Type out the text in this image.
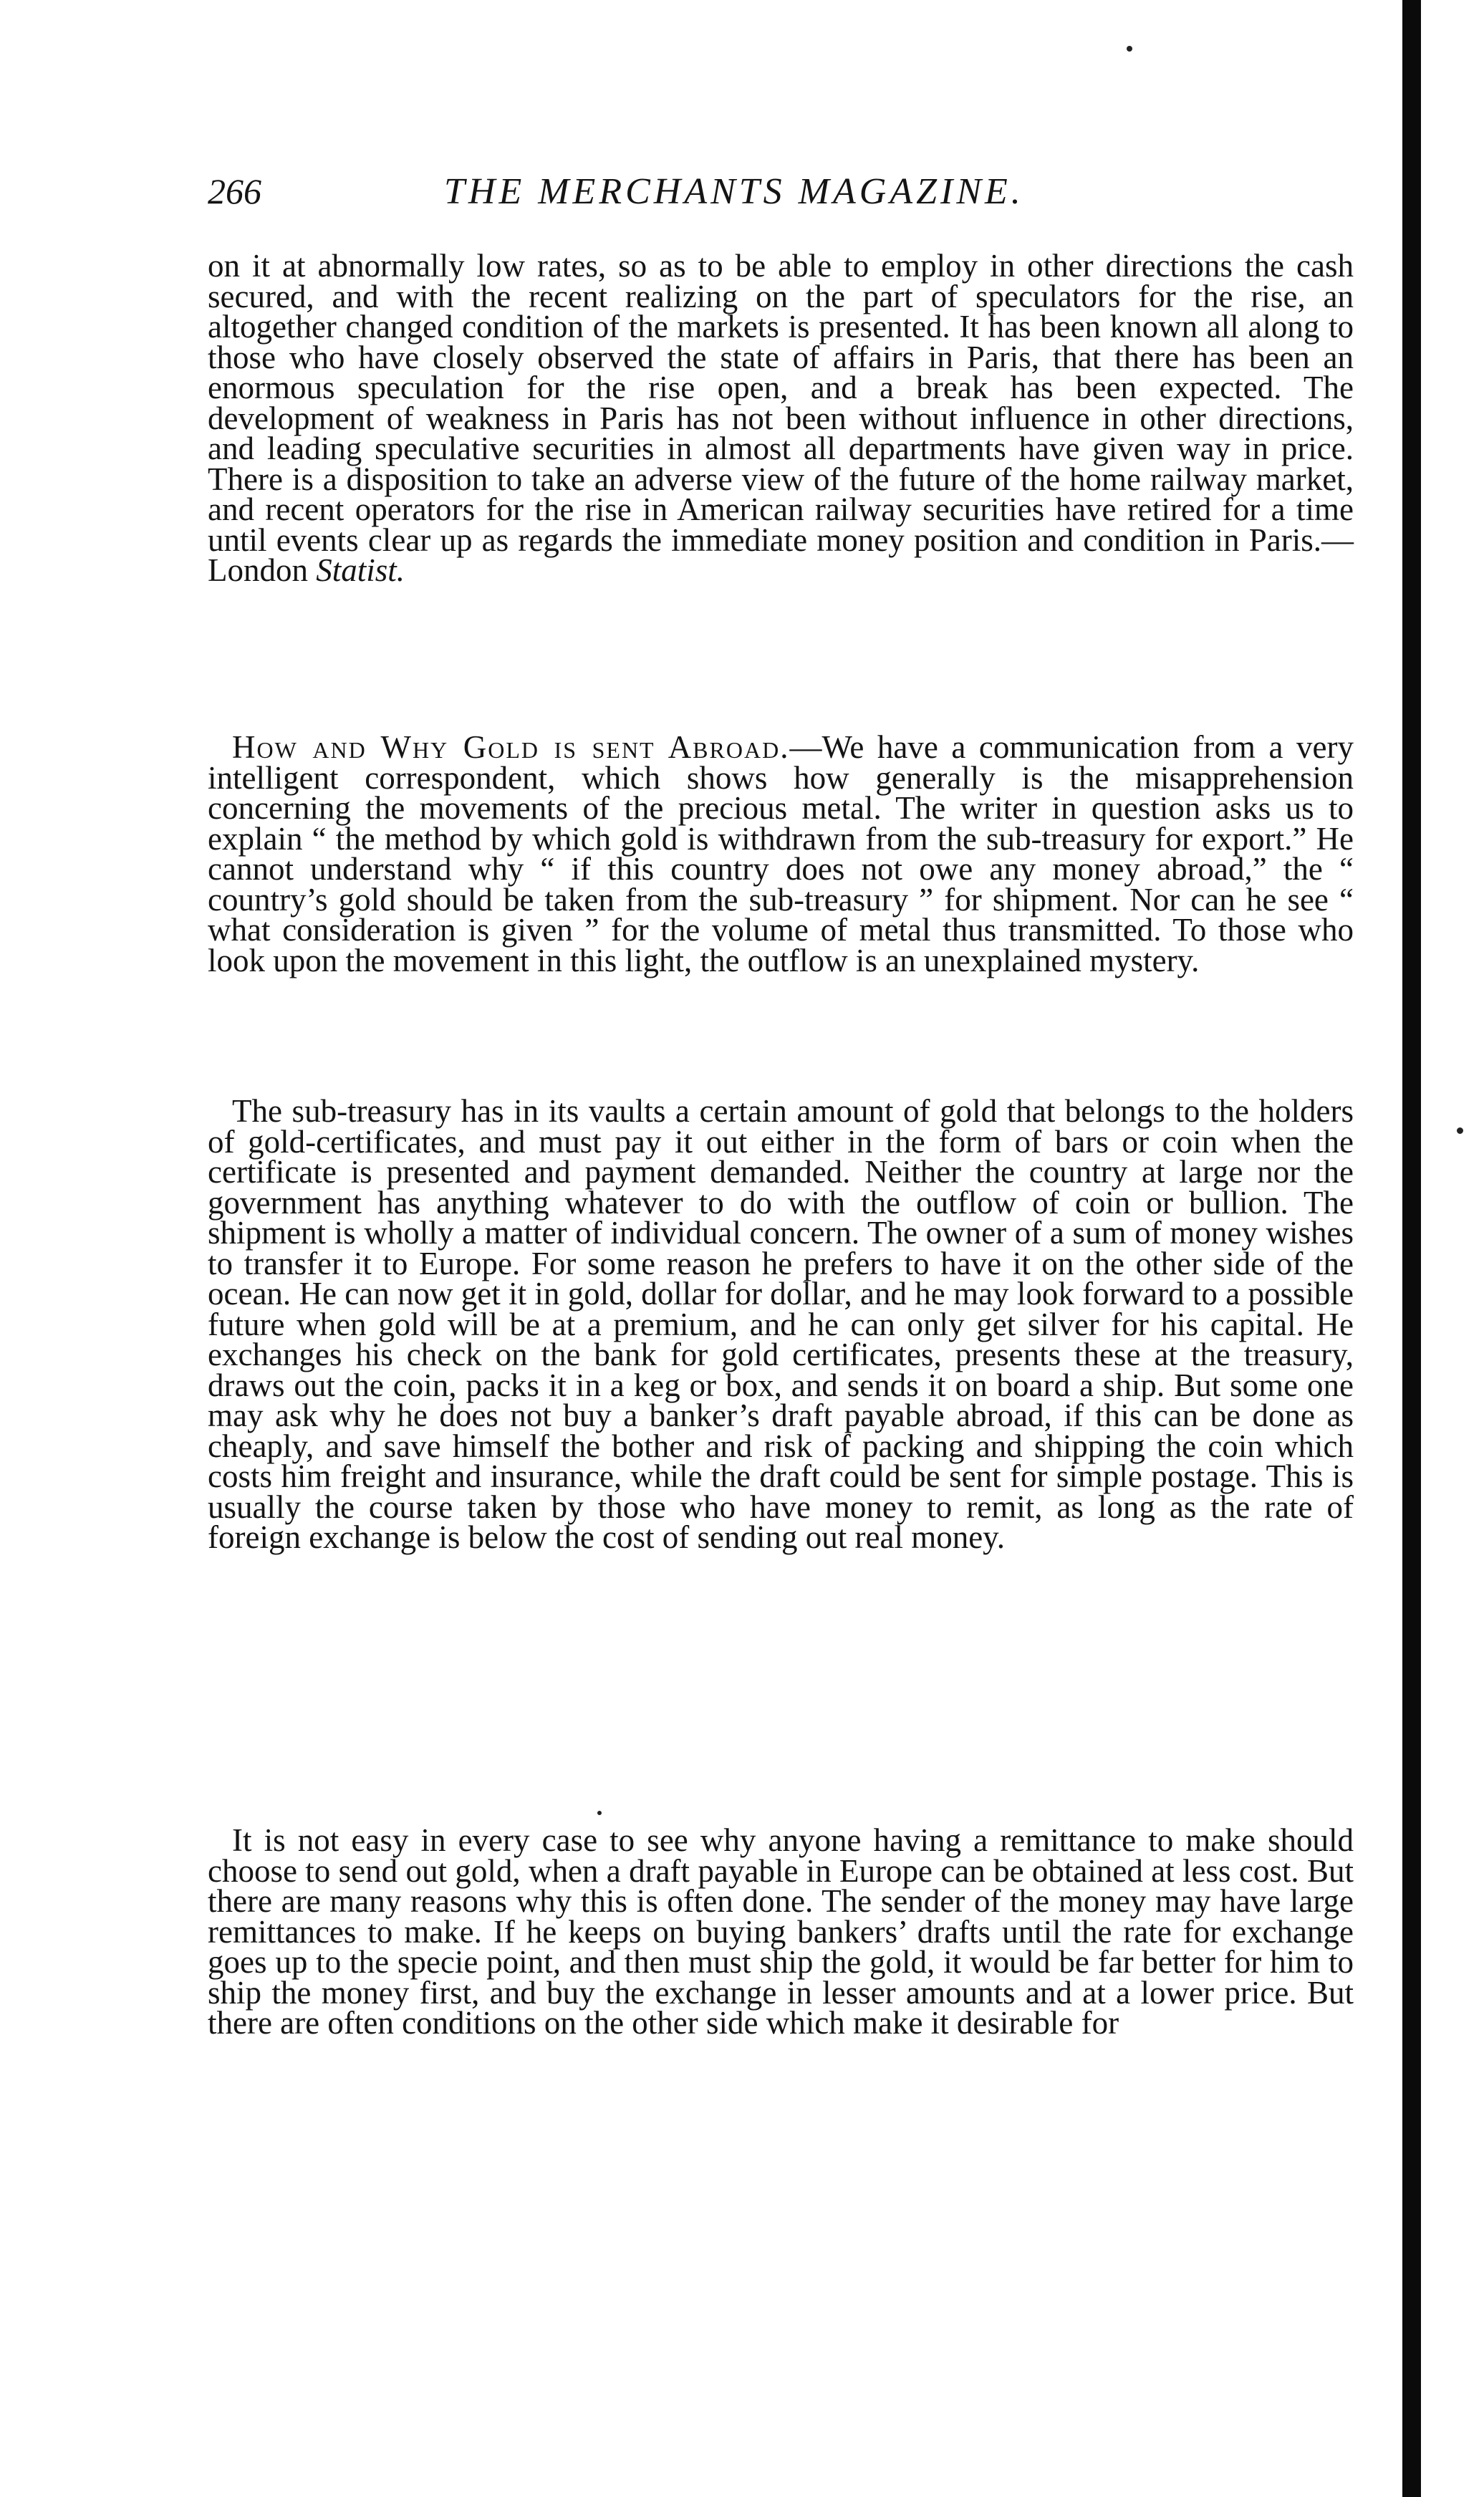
266	THE MERCHANTS MAGAZINE.

on it at abnormally low rates, so as to be able to employ in other directions the cash secured, and with the recent realizing on the part of speculators for the rise, an altogether changed condition of the markets is presented. It has been known all along to those who have closely observed the state of affairs in Paris, that there has been an enormous speculation for the rise open, and a break has been expected. The development of weakness in Paris has not been without influence in other directions, and leading speculative securities in almost all departments have given way in price. There is a disposition to take an adverse view of the future of the home railway market, and recent operators for the rise in American railway securities have retired for a time until events clear up as regards the immediate money position and condition in Paris.—London Statist.

How and Why Gold is sent Abroad.—We have a communication from a very intelligent correspondent, which shows how generally is the misapprehension concerning the movements of the precious metal. The writer in question asks us to explain “ the method by which gold is withdrawn from the sub-treasury for export.” He cannot understand why “ if this country does not owe any money abroad,” the “ country’s gold should be taken from the sub-treasury ” for shipment. Nor can he see “ what consideration is given ” for the volume of metal thus transmitted. To those who look upon the movement in this light, the outflow is an unexplained mystery.

The sub-treasury has in its vaults a certain amount of gold that belongs to the holders of gold-certificates, and must pay it out either in the form of bars or coin when the certificate is presented and payment demanded. Neither the country at large nor the government has anything whatever to do with the outflow of coin or bullion. The shipment is wholly a matter of individual concern. The owner of a sum of money wishes to transfer it to Europe. For some reason he prefers to have it on the other side of the ocean. He can now get it in gold, dollar for dollar, and he may look forward to a possible future when gold will be at a premium, and he can only get silver for his capital. He exchanges his check on the bank for gold certificates, presents these at the treasury, draws out the coin, packs it in a keg or box, and sends it on board a ship. But some one may ask why he does not buy a banker’s draft payable abroad, if this can be done as cheaply, and save himself the bother and risk of packing and shipping the coin which costs him freight and insurance, while the draft could be sent for simple postage. This is usually the course taken by those who have money to remit, as long as the rate of foreign exchange is below the cost of sending out real money.

It is not easy in every case to see why anyone having a remittance to make should choose to send out gold, when a draft payable in Europe can be obtained at less cost. But there are many reasons why this is often done. The sender of the money may have large remittances to make. If he keeps on buying bankers’ drafts until the rate for exchange goes up to the specie point, and then must ship the gold, it would be far better for him to ship the money first, and buy the exchange in lesser amounts and at a lower price. But there are often conditions on the other side which make it desirable for
